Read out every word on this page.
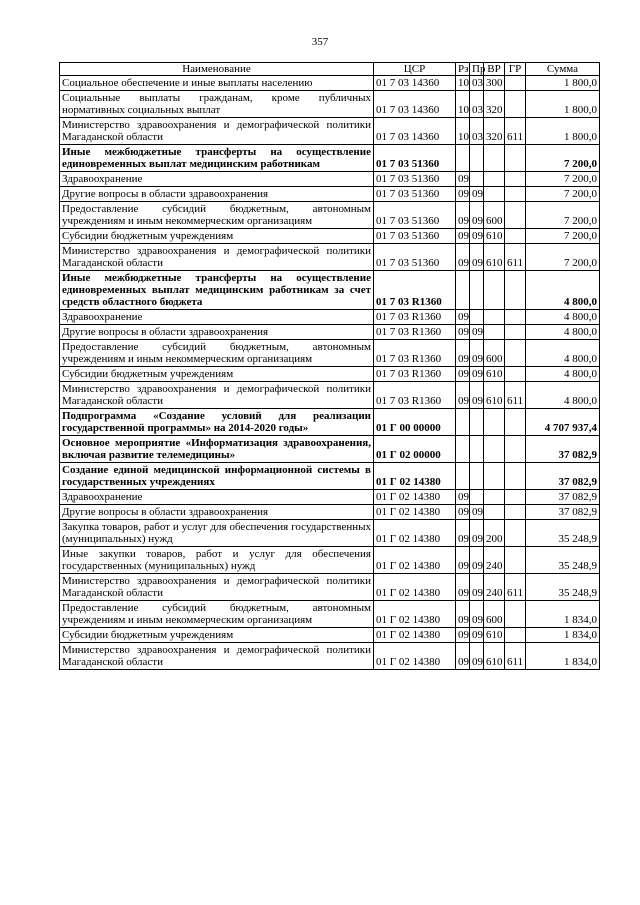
357
Наименование	ЦСР	Рз	Пр	ВР	ГР	Сумма
Социальное обеспечение и иные выплаты населению	01 7 03 14360	10	03	300		1 800,0
Социальные выплаты гражданам, кроме публичных нормативных социальных выплат	01 7 03 14360	10	03	320		1 800,0
Министерство здравоохранения и демографической политики Магаданской области	01 7 03 14360	10	03	320	611	1 800,0
Иные межбюджетные трансферты на осуществление единовременных выплат медицинским работникам	01 7 03 51360					7 200,0
Здравоохранение	01 7 03 51360	09				7 200,0
Другие вопросы в области здравоохранения	01 7 03 51360	09	09			7 200,0
Предоставление субсидий бюджетным, автономным учреждениям и иным некоммерческим организациям	01 7 03 51360	09	09	600		7 200,0
Субсидии бюджетным учреждениям	01 7 03 51360	09	09	610		7 200,0
Министерство здравоохранения и демографической политики Магаданской области	01 7 03 51360	09	09	610	611	7 200,0
Иные межбюджетные трансферты на осуществление единовременных выплат медицинским работникам за счет средств областного бюджета	01 7 03 R1360					4 800,0
Здравоохранение	01 7 03 R1360	09				4 800,0
Другие вопросы в области здравоохранения	01 7 03 R1360	09	09			4 800,0
Предоставление субсидий бюджетным, автономным учреждениям и иным некоммерческим организациям	01 7 03 R1360	09	09	600		4 800,0
Субсидии бюджетным учреждениям	01 7 03 R1360	09	09	610		4 800,0
Министерство здравоохранения и демографической политики Магаданской области	01 7 03 R1360	09	09	610	611	4 800,0
Подпрограмма «Создание условий для реализации государственной программы» на 2014-2020 годы»	01 Г 00 00000					4 707 937,4
Основное мероприятие «Информатизация здравоохранения, включая развитие телемедицины»	01 Г 02 00000					37 082,9
Создание единой медицинской информационной системы в государственных учреждениях	01 Г 02 14380					37 082,9
Здравоохранение	01 Г 02 14380	09				37 082,9
Другие вопросы в области здравоохранения	01 Г 02 14380	09	09			37 082,9
Закупка товаров, работ и услуг для обеспечения государственных (муниципальных) нужд	01 Г 02 14380	09	09	200		35 248,9
Иные закупки товаров, работ и услуг для обеспечения государственных (муниципальных) нужд	01 Г 02 14380	09	09	240		35 248,9
Министерство здравоохранения и демографической политики Магаданской области	01 Г 02 14380	09	09	240	611	35 248,9
Предоставление субсидий бюджетным, автономным учреждениям и иным некоммерческим организациям	01 Г 02 14380	09	09	600		1 834,0
Субсидии бюджетным учреждениям	01 Г 02 14380	09	09	610		1 834,0
Министерство здравоохранения и демографической политики Магаданской области	01 Г 02 14380	09	09	610	611	1 834,0
